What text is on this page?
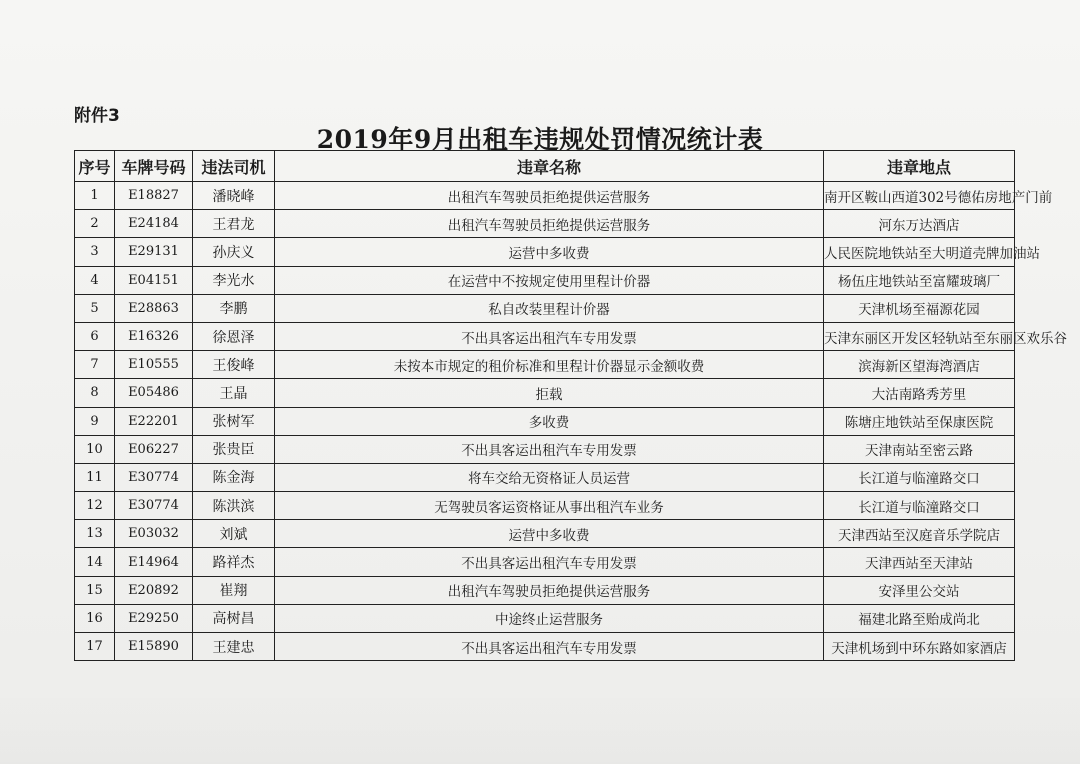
附件3
2019年9月出租车违规处罚情况统计表
序号	车牌号码	违法司机	违章名称	违章地点
1	E18827	潘晓峰	出租汽车驾驶员拒绝提供运营服务	南开区鞍山西道302号德佑房地产门前
2	E24184	王君龙	出租汽车驾驶员拒绝提供运营服务	河东万达酒店
3	E29131	孙庆义	运营中多收费	人民医院地铁站至大明道壳牌加油站
4	E04151	李光水	在运营中不按规定使用里程计价器	杨伍庄地铁站至富耀玻璃厂
5	E28863	李鹏	私自改装里程计价器	天津机场至福源花园
6	E16326	徐恩泽	不出具客运出租汽车专用发票	天津东丽区开发区轻轨站至东丽区欢乐谷
7	E10555	王俊峰	未按本市规定的租价标准和里程计价器显示金额收费	滨海新区望海湾酒店
8	E05486	王晶	拒载	大沽南路秀芳里
9	E22201	张树军	多收费	陈塘庄地铁站至保康医院
10	E06227	张贵臣	不出具客运出租汽车专用发票	天津南站至密云路
11	E30774	陈金海	将车交给无资格证人员运营	长江道与临潼路交口
12	E30774	陈洪滨	无驾驶员客运资格证从事出租汽车业务	长江道与临潼路交口
13	E03032	刘斌	运营中多收费	天津西站至汉庭音乐学院店
14	E14964	路祥杰	不出具客运出租汽车专用发票	天津西站至天津站
15	E20892	崔翔	出租汽车驾驶员拒绝提供运营服务	安泽里公交站
16	E29250	高树昌	中途终止运营服务	福建北路至贻成尚北
17	E15890	王建忠	不出具客运出租汽车专用发票	天津机场到中环东路如家酒店
